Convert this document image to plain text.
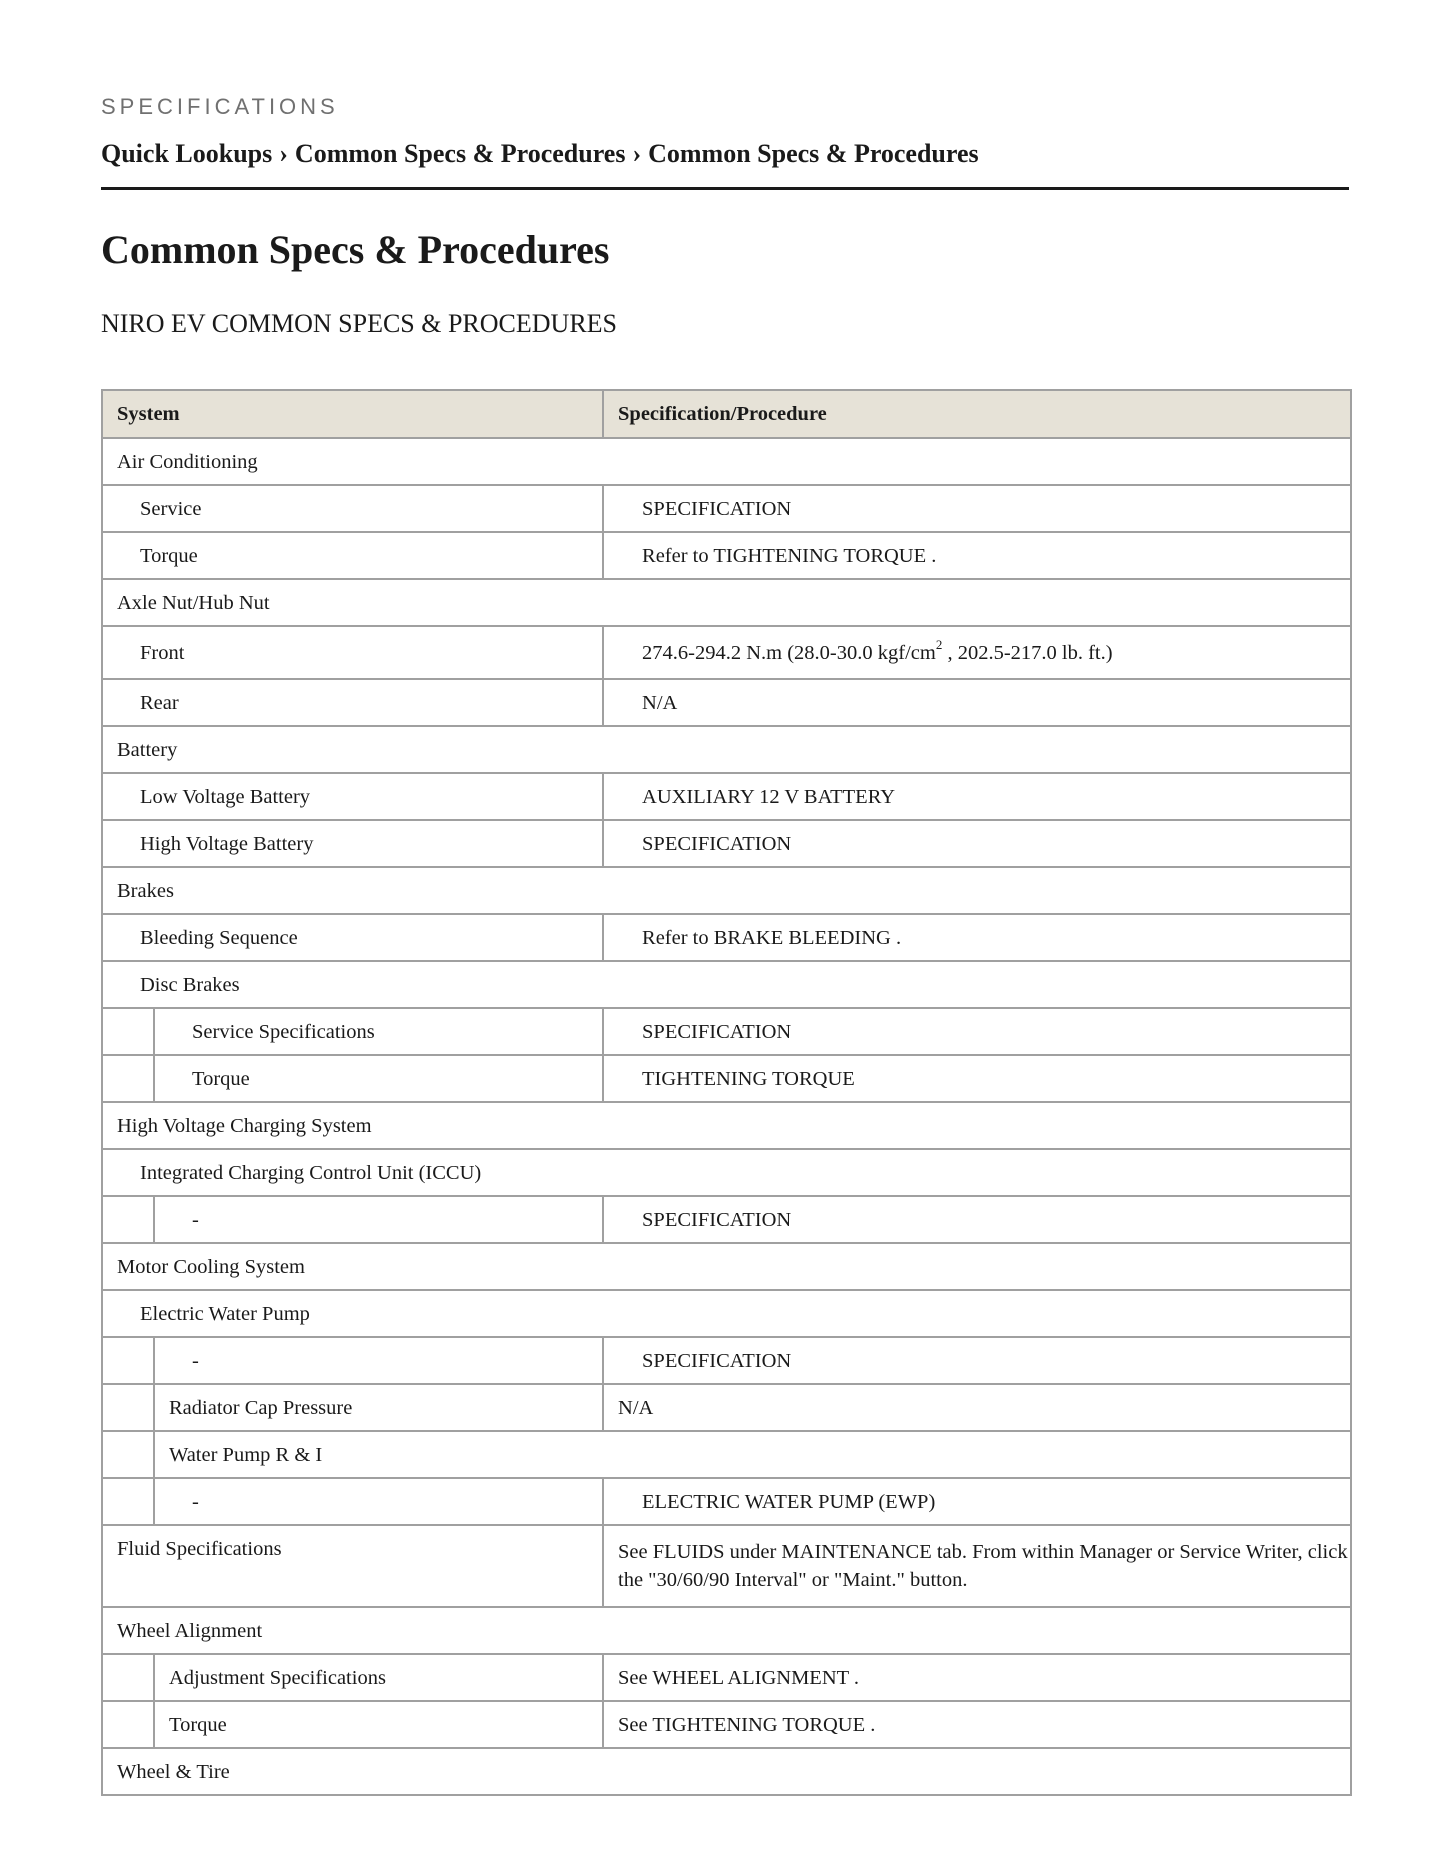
SPECIFICATIONS
Quick Lookups › Common Specs & Procedures › Common Specs & Procedures
Common Specs & Procedures
NIRO EV COMMON SPECS & PROCEDURES
System		Specification/Procedure
Air Conditioning		
Service		SPECIFICATION
Torque		Refer to TIGHTENING TORQUE .
Axle Nut/Hub Nut		
Front		274.6-294.2 N.m (28.0-30.0 kgf/$cm^2$ , 202.5-217.0 lb. ft.)
Rear		N/A
Battery		
Low Voltage Battery		AUXILIARY 12 V BATTERY
High Voltage Battery		SPECIFICATION
Brakes		
Bleeding Sequence		Refer to BRAKE BLEEDING .
Disc Brakes		
	Service Specifications	SPECIFICATION
	Torque	TIGHTENING TORQUE
High Voltage Charging System		
Integrated Charging Control Unit (ICCU)		
	-	SPECIFICATION
Motor Cooling System		
Electric Water Pump		
	-	SPECIFICATION
	Radiator Cap Pressure	N/A
	Water Pump R & I	
	-	ELECTRIC WATER PUMP (EWP)
Fluid Specifications		See FLUIDS under MAINTENANCE tab. From within Manager or Service Writer, click the "30/60/90 Interval" or "Maint." button.
Wheel Alignment		
	Adjustment Specifications	See WHEEL ALIGNMENT .
	Torque	See TIGHTENING TORQUE .
Wheel & Tire		
